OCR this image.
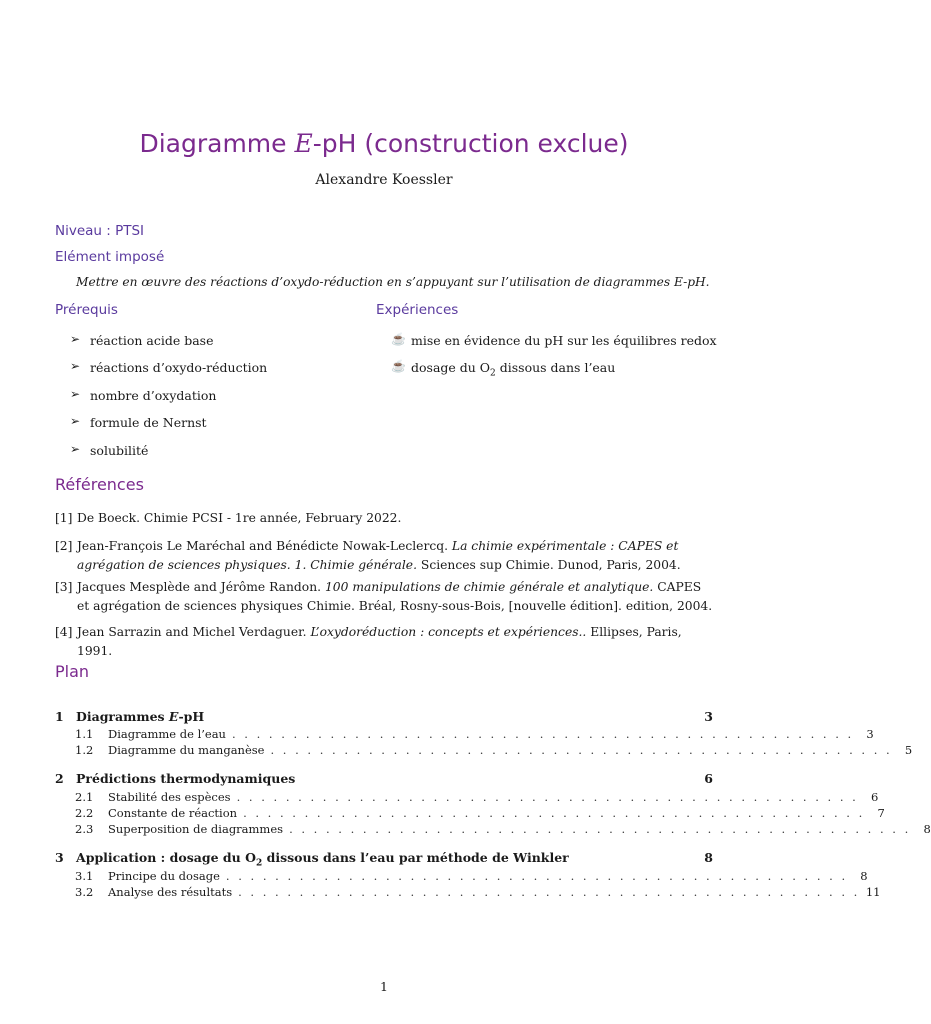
Diagramme E-pH (construction exclue)
Alexandre Koessler
Niveau : PTSI
Elément imposé
Mettre en œuvre des réactions d’oxydo-réduction en s’appuyant sur l’utilisation de diagrammes E-pH.
Prérequis
➢ réaction acide base
➢ réactions d’oxydo-réduction
➢ nombre d’oxydation
➢ formule de Nernst
➢ solubilité
Expériences
☕ mise en évidence du pH sur les équilibres redox
☕ dosage du $O_2$ dissous dans l’eau
Références
[1] De Boeck. Chimie PCSI - 1re année, February 2022.
[2] Jean-François Le Maréchal and Bénédicte Nowak-Leclercq. La chimie expérimentale : CAPES et agrégation de sciences physiques. 1. Chimie générale. Sciences sup Chimie. Dunod, Paris, 2004.
[3] Jacques Mesplède and Jérôme Randon. 100 manipulations de chimie générale et analytique. CAPES et agrégation de sciences physiques Chimie. Bréal, Rosny-sous-Bois, [nouvelle édition]. edition, 2004.
[4] Jean Sarrazin and Michel Verdaguer. L’oxydoréduction : concepts et expériences.. Ellipses, Paris, 1991.
Plan
1 Diagrammes E-pH	3
1.1	Diagramme de l’eau . . . . . . . . . . . . . . . . . . . . . . . . . . . . . . . . . . . . . . . . . . . . . . . . . . .	3
1.2	Diagramme du manganèse . . . . . . . . . . . . . . . . . . . . . . . . . . . . . . . . . . . . . . . . . . . . . . . . . . .	5
2 Prédictions thermodynamiques	6
2.1	Stabilité des espèces . . . . . . . . . . . . . . . . . . . . . . . . . . . . . . . . . . . . . . . . . . . . . . . . . . .	6
2.2	Constante de réaction . . . . . . . . . . . . . . . . . . . . . . . . . . . . . . . . . . . . . . . . . . . . . . . . . . .	7
2.3	Superposition de diagrammes . . . . . . . . . . . . . . . . . . . . . . . . . . . . . . . . . . . . . . . . . . . . . . . . . . .	8
3 Application : dosage du $O_2$ dissous dans l’eau par méthode de Winkler	8
3.1	Principe du dosage . . . . . . . . . . . . . . . . . . . . . . . . . . . . . . . . . . . . . . . . . . . . . . . . . . .	8
3.2	Analyse des résultats . . . . . . . . . . . . . . . . . . . . . . . . . . . . . . . . . . . . . . . . . . . . . . . . . . . 11
1
